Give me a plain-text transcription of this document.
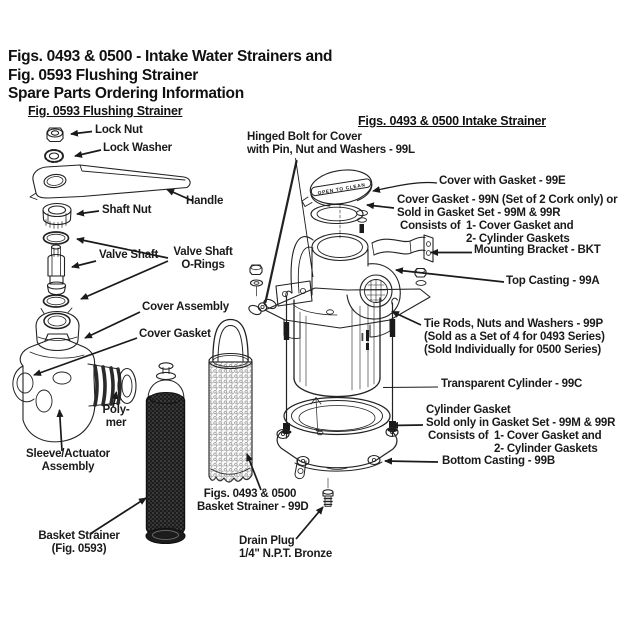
OPEN TO CLEAN
Figs. 0493 & 0500 - Intake Water Strainers and
Fig. 0593 Flushing Strainer
Spare Parts Ordering Information
Fig. 0593 Flushing Strainer
Figs. 0493 & 0500 Intake Strainer
Lock Nut
Lock Washer
Handle
Shaft Nut
Valve Shaft	Valve Shaft
O-Rings
Cover Assembly
Cover Gasket
Poly-
mer
Sleeve/Actuator
Assembly
Basket Strainer
(Fig. 0593)
Figs. 0493 & 0500
Basket Strainer - 99D
Drain Plug
1/4" N.P.T. Bronze
Hinged Bolt for Cover
with Pin, Nut and Washers - 99L
Cover with Gasket - 99E
Cover Gasket - 99N (Set of 2 Cork only) or
Sold in Gasket Set - 99M & 99R
Consists of 1- Cover Gasket and
2- Cylinder Gaskets
Mounting Bracket - BKT
Top Casting - 99A
Tie Rods, Nuts and Washers - 99P
(Sold as a Set of 4 for 0493 Series)
(Sold Individually for 0500 Series)
Transparent Cylinder - 99C
Cylinder Gasket
Sold only in Gasket Set - 99M & 99R
Consists of 1- Cover Gasket and
2- Cylinder Gaskets
Bottom Casting - 99B
